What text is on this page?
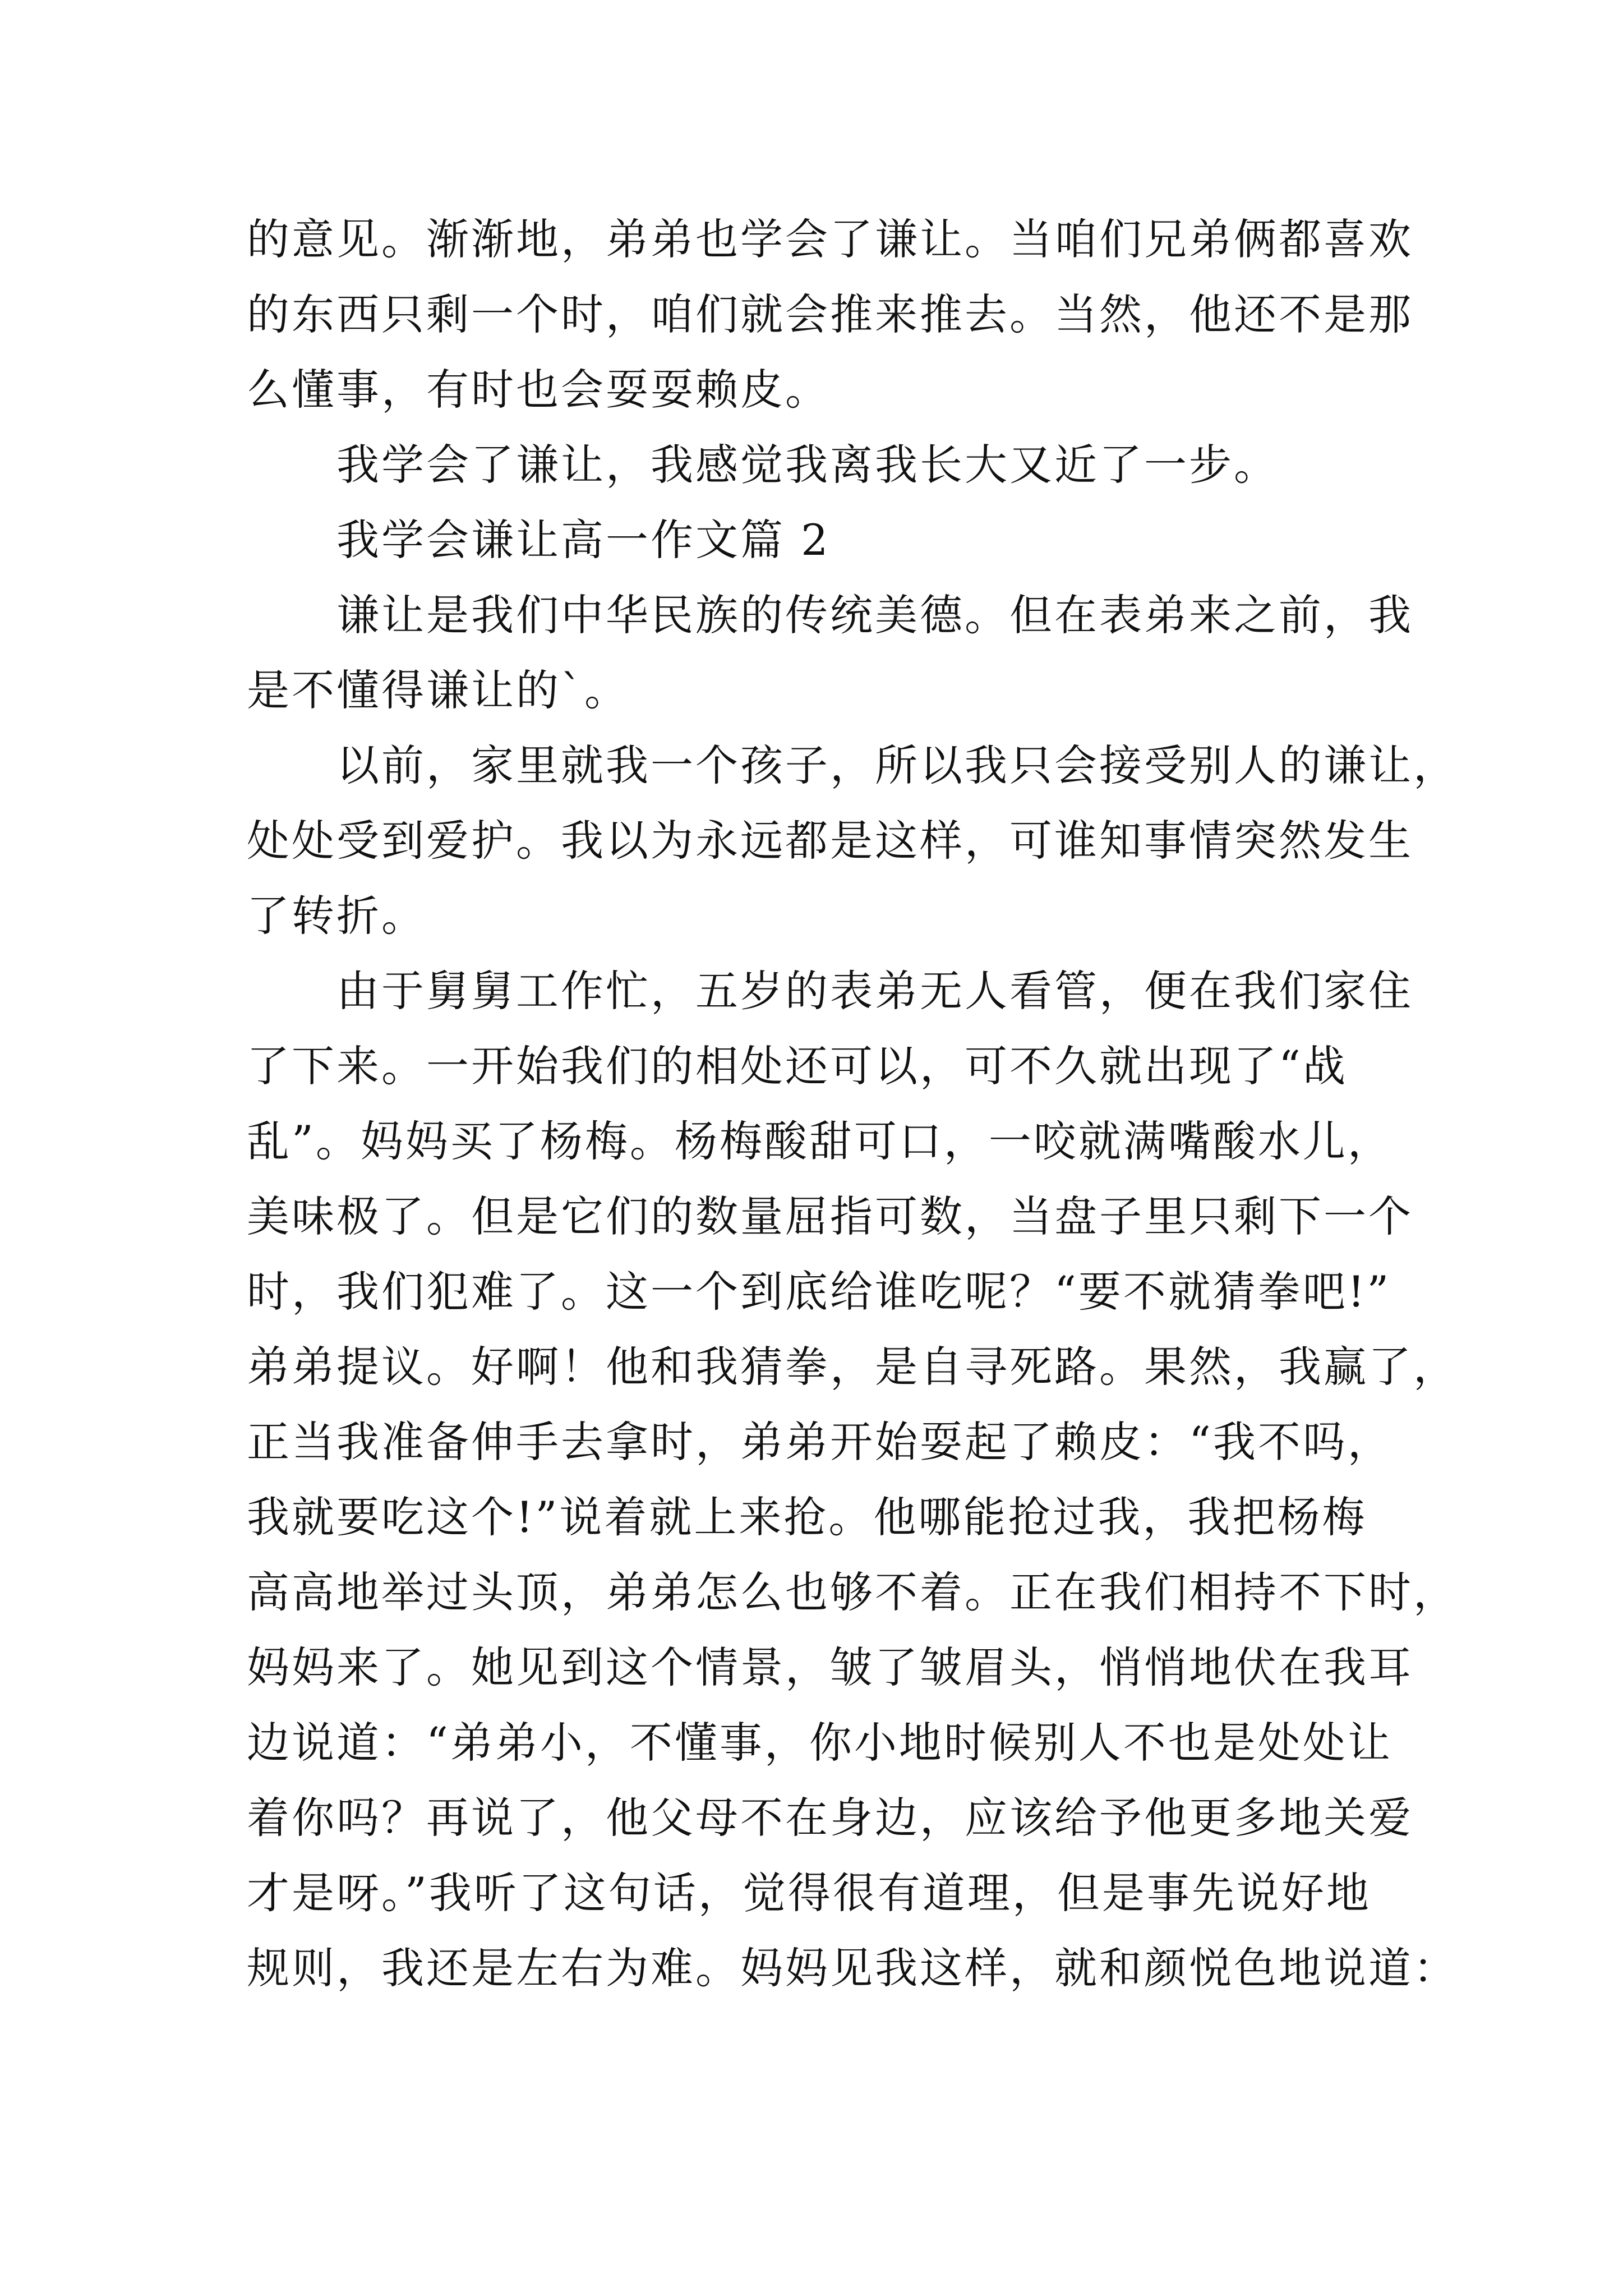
的意见。渐渐地，弟弟也学会了谦让。当咱们兄弟俩都喜欢
的东西只剩一个时，咱们就会推来推去。当然，他还不是那
么懂事，有时也会耍耍赖皮。
我学会了谦让，我感觉我离我长大又近了一步。
我学会谦让高一作文篇 2
谦让是我们中华民族的传统美德。但在表弟来之前，我
是不懂得谦让的`。
以前，家里就我一个孩子，所以我只会接受别人的谦让，
处处受到爱护。我以为永远都是这样，可谁知事情突然发生
了转折。
由于舅舅工作忙，五岁的表弟无人看管，便在我们家住
了下来。一开始我们的相处还可以，可不久就出现了“战
乱”。妈妈买了杨梅。杨梅酸甜可口，一咬就满嘴酸水儿，
美味极了。但是它们的数量屈指可数，当盘子里只剩下一个
时，我们犯难了。这一个到底给谁吃呢？“要不就猜拳吧!”
弟弟提议。好啊！他和我猜拳，是自寻死路。果然，我赢了，
正当我准备伸手去拿时，弟弟开始耍起了赖皮：“我不吗，
我就要吃这个!”说着就上来抢。他哪能抢过我，我把杨梅
高高地举过头顶，弟弟怎么也够不着。正在我们相持不下时，
妈妈来了。她见到这个情景，皱了皱眉头，悄悄地伏在我耳
边说道：“弟弟小，不懂事，你小地时候别人不也是处处让
着你吗？再说了，他父母不在身边，应该给予他更多地关爱
才是呀。”我听了这句话，觉得很有道理，但是事先说好地
规则，我还是左右为难。妈妈见我这样，就和颜悦色地说道：
